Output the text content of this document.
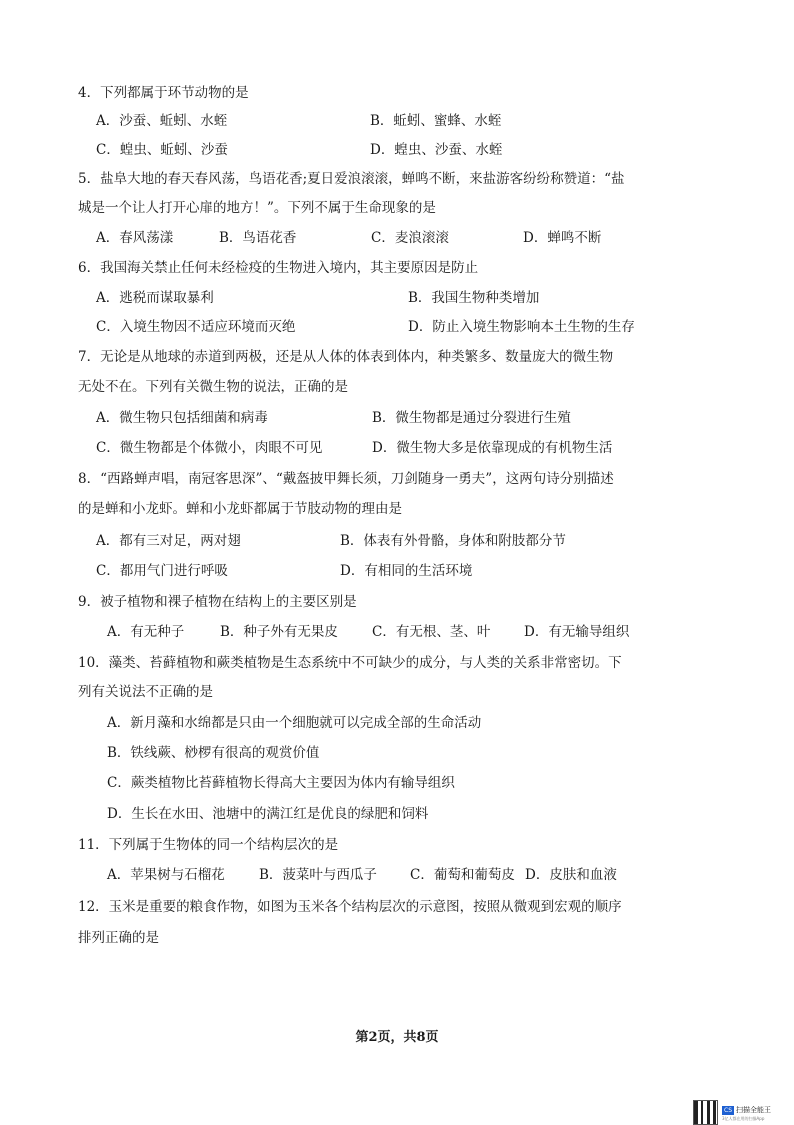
4．下列都属于环节动物的是
A．沙蚕、蚯蚓、水蛭	B．蚯蚓、蜜蜂、水蛭
C．蝗虫、蚯蚓、沙蚕	D．蝗虫、沙蚕、水蛭
5．盐阜大地的春天春风荡，鸟语花香;夏日爱浪滚滚，蝉鸣不断，来盐游客纷纷称赞道：“盐
城是一个让人打开心扉的地方！”。下列不属于生命现象的是
A．春风荡漾	B．鸟语花香	C．麦浪滚滚	D．蝉鸣不断
6．我国海关禁止任何未经检疫的生物进入境内，其主要原因是防止
A．逃税而谋取暴利	B．我国生物种类增加
C．入境生物因不适应环境而灭绝	D．防止入境生物影响本土生物的生存
7．无论是从地球的赤道到两极，还是从人体的体表到体内，种类繁多、数量庞大的微生物
无处不在。下列有关微生物的说法，正确的是
A．微生物只包括细菌和病毒	B．微生物都是通过分裂进行生殖
C．微生物都是个体微小，肉眼不可见	D．微生物大多是依靠现成的有机物生活
8．“西路蝉声唱，南冠客思深”、“戴盔披甲舞长须，刀剑随身一勇夫”，这两句诗分别描述
的是蝉和小龙虾。蝉和小龙虾都属于节肢动物的理由是
A．都有三对足，两对翅	B．体表有外骨骼，身体和附肢都分节
C．都用气门进行呼吸	D．有相同的生活环境
9．被子植物和裸子植物在结构上的主要区别是
A．有无种子	B．种子外有无果皮	C．有无根、茎、叶 D．有无输导组织
10．藻类、苔藓植物和蕨类植物是生态系统中不可缺少的成分，与人类的关系非常密切。下
列有关说法不正确的是
A．新月藻和水绵都是只由一个细胞就可以完成全部的生命活动
B．铁线蕨、桫椤有很高的观赏价值
C．蕨类植物比苔藓植物长得高大主要因为体内有输导组织
D．生长在水田、池塘中的满江红是优良的绿肥和饲料
11．下列属于生物体的同一个结构层次的是
A．苹果树与石榴花	B．菠菜叶与西瓜子 C．葡萄和葡萄皮 D．皮肤和血液
12．玉米是重要的粮食作物，如图为玉米各个结构层次的示意图，按照从微观到宏观的顺序
排列正确的是
第2页，共8页
CS 扫描全能王
3亿人都在用的扫描App
